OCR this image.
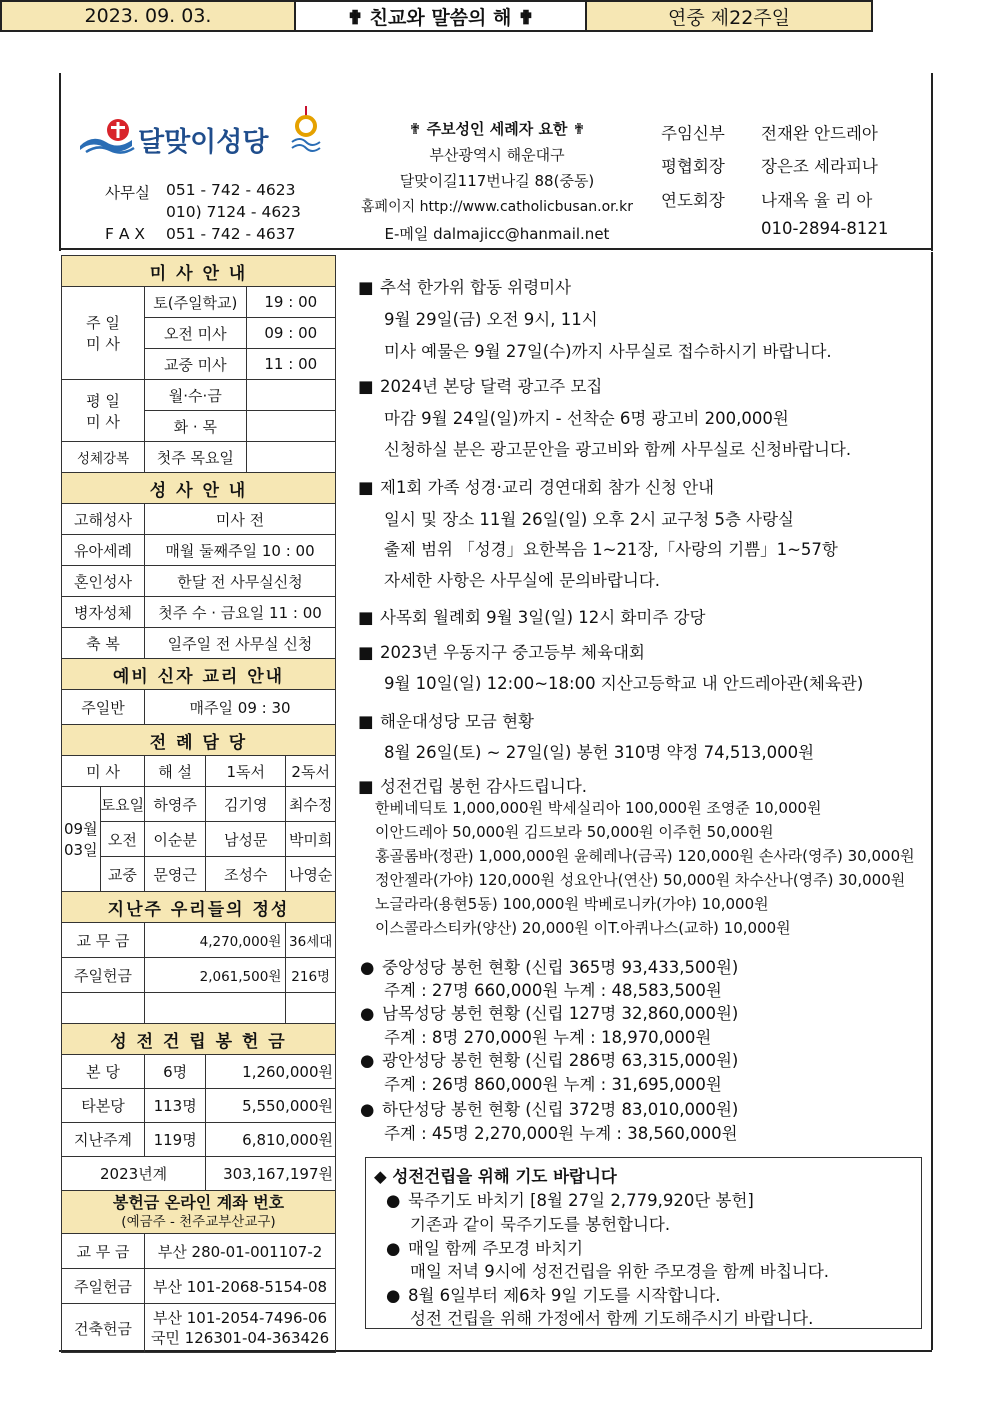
2023. 09. 03.	✟ 친교와 말씀의 해 ✟	연중 제22주일
달맞이성당
사무실 051 - 742 - 4623
010) 7124 - 4623
F A X 051 - 742 - 4637
✟ 주보성인 세례자 요한 ✟
부산광역시 해운대구
달맞이길117번나길 88(중동)
홈페이지 http://www.catholicbusan.or.kr
E-메일 dalmajicc@hanmail.net
주임신부 전재완 안드레아
평협회장 장은조 세라피나
연도회장 나재옥 율 리 아
010-2894-8121
미 사 안 내					
주 일
미 사		토(주일학교)		19 : 00	
		오전 미사		09 : 00	
		교중 미사		11 : 00	
평 일
미 사		월·수·금			
		화 · 목			
성체강복		첫주 목요일			
성 사 안 내					
고해성사		미사 전			
유아세례		매월 둘째주일 10 : 00			
혼인성사		한달 전 사무실신청			
병자성체		첫주 수 · 금요일 11 : 00			
축 복		일주일 전 사무실 신청			
예비 신자 교리 안내					
주일반		매주일 09 : 30			
전 례 담 당					
미 사		해 설	1독서		2독서
09월
03일	토요일	하영주	김기영		최수정
	오전	이순분	남성문		박미희
	교중	문영근	조성수		나영순
지난주 우리들의 정성					
교 무 금		4,270,000원			36세대
주일헌금		2,061,500원			216명

성 전 건 립 봉 헌 금					
본 당		6명	1,260,000원		
타본당		113명	5,550,000원		
지난주계		119명	6,810,000원		
2023년계			303,167,197원		
봉헌금 온라인 계좌 번호
(예금주 - 천주교부산교구)					
교 무 금		부산 280-01-001107-2			
주일헌금		부산 101-2068-5154-08			
건축헌금		부산 101-2054-7496-06
국민 126301-04-363426			
■ 추석 한가위 합동 위령미사
9월 29일(금) 오전 9시, 11시
미사 예물은 9월 27일(수)까지 사무실로 접수하시기 바랍니다.
■ 2024년 본당 달력 광고주 모집
마감 9월 24일(일)까지 - 선착순 6명 광고비 200,000원
신청하실 분은 광고문안을 광고비와 함께 사무실로 신청바랍니다.
■ 제1회 가족 성경·교리 경연대회 참가 신청 안내
일시 및 장소 11월 26일(일) 오후 2시 교구청 5층 사랑실
출제 범위 「성경」요한복음 1~21장,「사랑의 기쁨」1~57항
자세한 사항은 사무실에 문의바랍니다.
■ 사목회 월례회 9월 3일(일) 12시 화미주 강당
■ 2023년 우동지구 중고등부 체육대회
9월 10일(일) 12:00~18:00 지산고등학교 내 안드레아관(체육관)
■ 해운대성당 모금 현황
8월 26일(토) ~ 27일(일) 봉헌 310명 약정 74,513,000원
■ 성전건립 봉헌 감사드립니다.
한베네딕토 1,000,000원 박세실리아 100,000원 조영준 10,000원
이안드레아 50,000원 김드보라 50,000원 이주헌 50,000원
홍골롬바(정관) 1,000,000원 윤헤레나(금곡) 120,000원 손사라(영주) 30,000원
정안젤라(가야) 120,000원 성요안나(연산) 50,000원 차수산나(영주) 30,000원
노글라라(용현5동) 100,000원 박베로니카(가야) 10,000원
이스콜라스티카(양산) 20,000원 이T.아퀴나스(교하) 10,000원
● 중앙성당 봉헌 현황 (신립 365명 93,433,500원)
주계 : 27명 660,000원 누계 : 48,583,500원
● 남목성당 봉헌 현황 (신립 127명 32,860,000원)
주계 : 8명 270,000원 누계 : 18,970,000원
● 광안성당 봉헌 현황 (신립 286명 63,315,000원)
주계 : 26명 860,000원 누계 : 31,695,000원
● 하단성당 봉헌 현황 (신립 372명 83,010,000원)
주계 : 45명 2,270,000원 누계 : 38,560,000원
◆ 성전건립을 위해 기도 바랍니다
● 묵주기도 바치기 [8월 27일 2,779,920단 봉헌]
기존과 같이 묵주기도를 봉헌합니다.
● 매일 함께 주모경 바치기
매일 저녁 9시에 성전건립을 위한 주모경을 함께 바칩니다.
● 8월 6일부터 제6차 9일 기도를 시작합니다.
성전 건립을 위해 가정에서 함께 기도해주시기 바랍니다.
